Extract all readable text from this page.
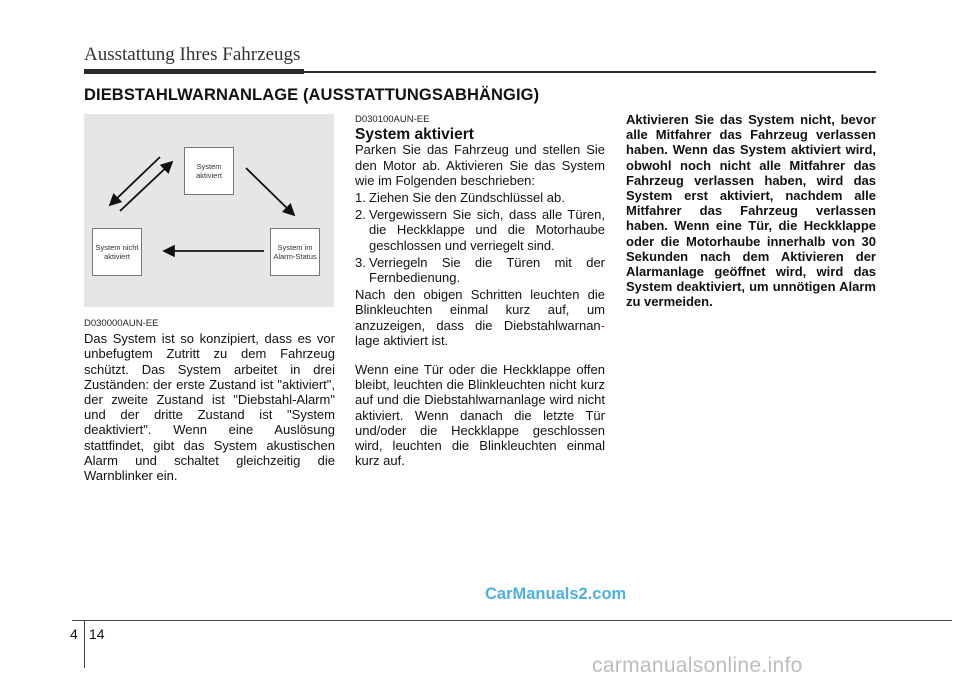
Ausstattung Ihres Fahrzeugs
DIEBSTAHLWARNANLAGE (AUSSTATTUNGSABHÄNGIG)
System aktiviert
System nicht aktiviert
System im Alarm-Status

D030000AUN-EE

Das System ist so konzipiert, dass es vor unbefugtem Zutritt zu dem Fahrzeug schützt. Das System arbeitet in drei Zuständen: der erste Zustand ist "aktiviert", der zweite Zustand ist "Diebstahl-Alarm" und der dritte Zustand ist "System deaktiviert". Wenn eine Auslösung stattfindet, gibt das System akustischen Alarm und schaltet gleichzeitig die Warnblinker ein.

D030100AUN-EE

System aktiviert

Parken Sie das Fahrzeug und stellen Sie den Motor ab. Aktivieren Sie das System wie im Folgenden beschrieben:

1. Ziehen Sie den Zündschlüssel ab.
2. Vergewissern Sie sich, dass alle Türen, die Heckklappe und die Motorhaube geschlossen und verriegelt sind.
3. Verriegeln Sie die Türen mit der Fernbedienung.

Nach den obigen Schritten leuchten die Blinkleuchten einmal kurz auf, um anzuzeigen, dass die Diebstahlwarnan-lage aktiviert ist.

Wenn eine Tür oder die Heckklappe offen bleibt, leuchten die Blinkleuchten nicht kurz auf und die Diebstahlwarnanlage wird nicht aktiviert. Wenn danach die letzte Tür und/oder die Heckklappe geschlossen wird, leuchten die Blinkleuchten einmal kurz auf.

Aktivieren Sie das System nicht, bevor alle Mitfahrer das Fahrzeug verlassen haben. Wenn das System aktiviert wird, obwohl noch nicht alle Mitfahrer das Fahrzeug verlassen haben, wird das System erst aktiviert, nachdem alle Mitfahrer das Fahrzeug verlassen haben. Wenn eine Tür, die Heckklappe oder die Motorhaube innerhalb von 30 Sekunden nach dem Aktivieren der Alarmanlage geöffnet wird, wird das System deaktiviert, um unnötigen Alarm zu vermeiden.

CarManuals2.com
4 14
carmanualsonline.info
